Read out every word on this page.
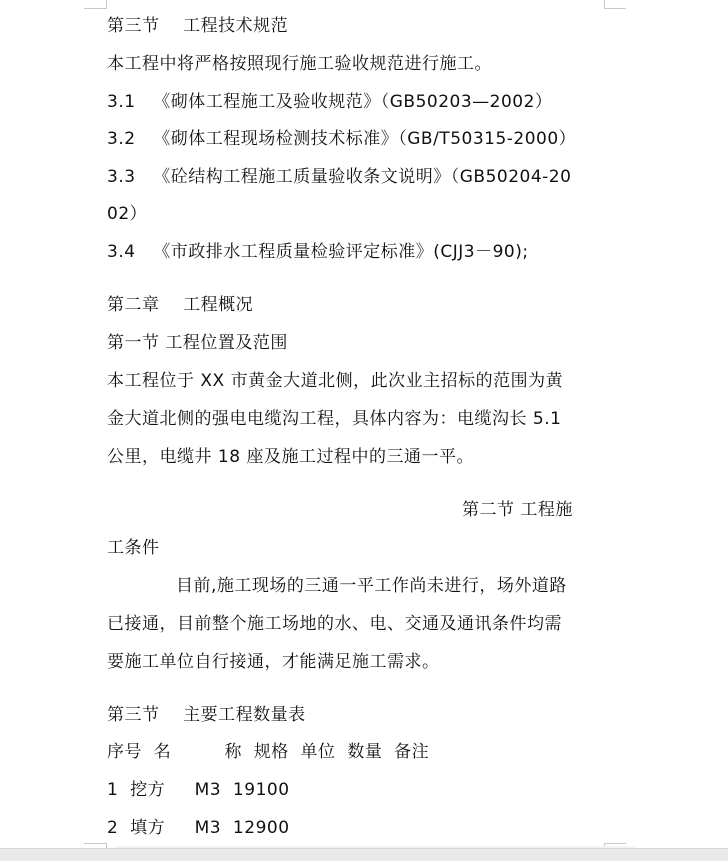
第三节    工程技术规范
本工程中将严格按照现行施工验收规范进行施工。
3.1   《砌体工程施工及验收规范》（GB50203—2002）
3.2   《砌体工程现场检测技术标准》（GB/T50315-2000）
3.3   《砼结构工程施工质量验收条文说明》（GB50204-20
02）
3.4   《市政排水工程质量检验评定标准》(CJJ3－90);
第二章    工程概况
第一节 工程位置及范围
本工程位于 XX 市黄金大道北侧，此次业主招标的范围为黄
金大道北侧的强电电缆沟工程，具体内容为：电缆沟长 5.1
公里，电缆井 18 座及施工过程中的三通一平。
第二节 工程施
工条件
目前,施工现场的三通一平工作尚未进行，场外道路
已接通，目前整个施工场地的水、电、交通及通讯条件均需
要施工单位自行接通，才能满足施工需求。
第三节    主要工程数量表
序号  名         称  规格  单位  数量  备注
1  挖方     M3  19100
2  填方     M3  12900
